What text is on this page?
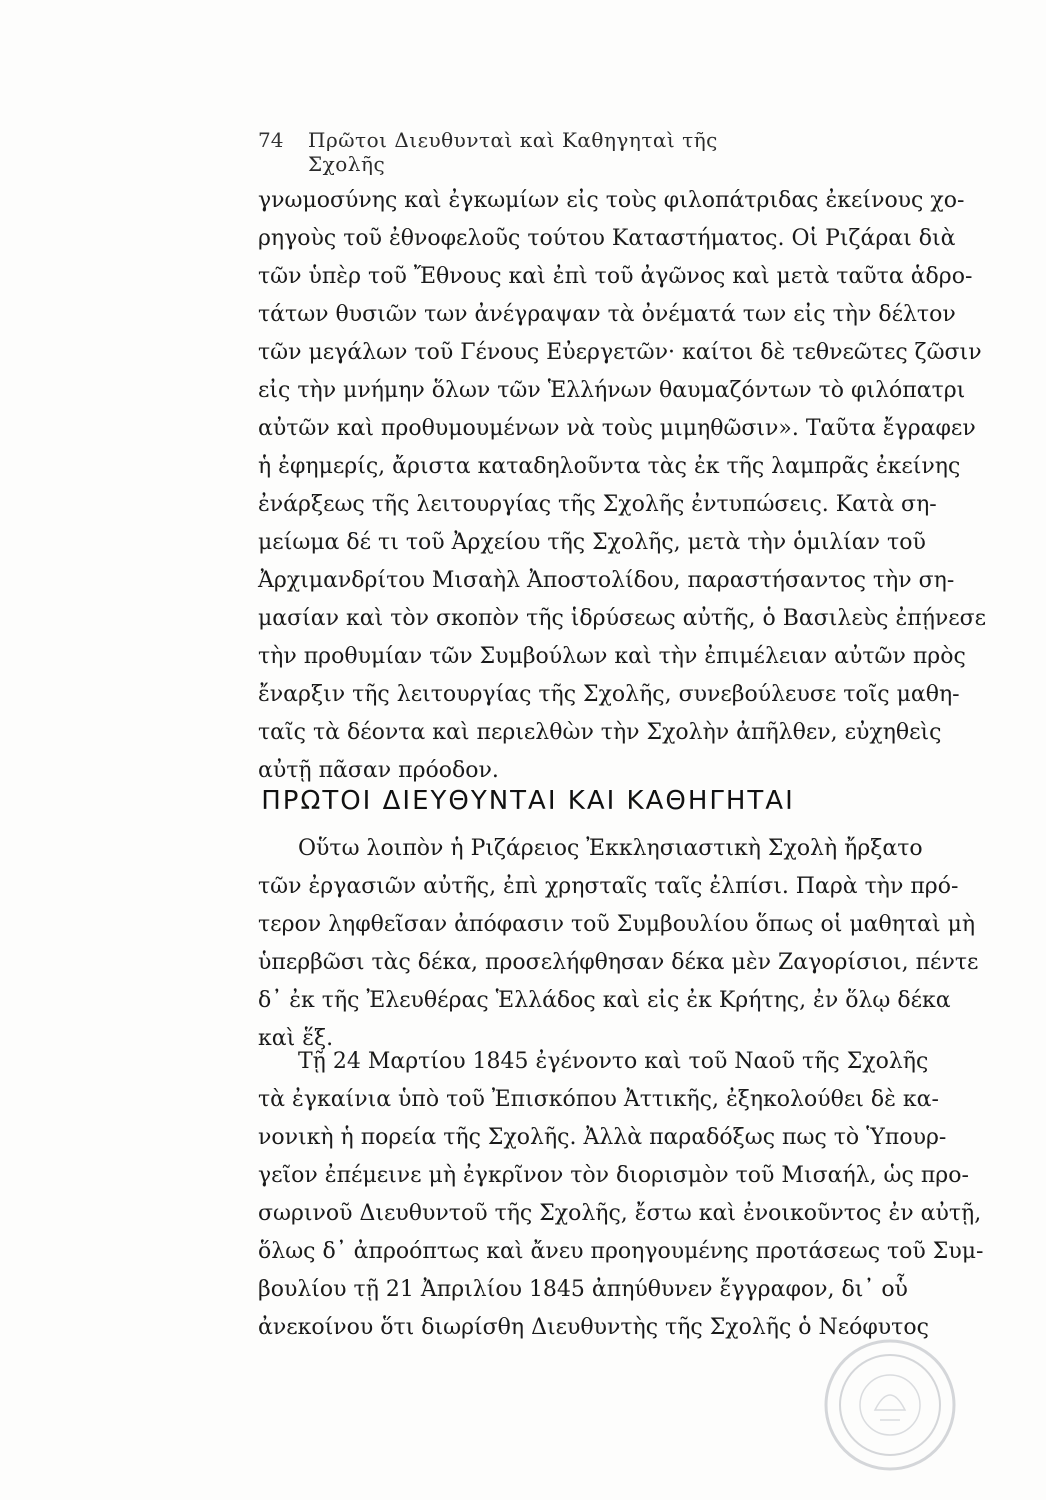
74 Πρῶτοι Διευθυνταὶ καὶ Καθηγηταὶ τῆς Σχολῆς
γνωμοσύνης καὶ ἐγκωμίων εἰς τοὺς φιλοπάτριδας ἐκείνους χο-
ρηγοὺς τοῦ ἐθνοφελοῦς τούτου Καταστήματος. Οἱ Ριζάραι διὰ
τῶν ὑπὲρ τοῦ Ἔθνους καὶ ἐπὶ τοῦ ἀγῶνος καὶ μετὰ ταῦτα ἁδρο-
τάτων θυσιῶν των ἀνέγραψαν τὰ ὀνέματά των εἰς τὴν δέλτον
τῶν μεγάλων τοῦ Γένους Εὐεργετῶν· καίτοι δὲ τεθνεῶτες ζῶσιν
εἰς τὴν μνήμην ὅλων τῶν Ἑλλήνων θαυμαζόντων τὸ φιλόπατρι
αὐτῶν καὶ προθυμουμένων νὰ τοὺς μιμηθῶσιν». Ταῦτα ἔγραφεν
ἡ ἐφημερίς, ἄριστα καταδηλοῦντα τὰς ἐκ τῆς λαμπρᾶς ἐκείνης
ἐνάρξεως τῆς λειτουργίας τῆς Σχολῆς ἐντυπώσεις. Κατὰ ση-
μείωμα δέ τι τοῦ Ἀρχείου τῆς Σχολῆς, μετὰ τὴν ὁμιλίαν τοῦ
Ἀρχιμανδρίτου Μισαὴλ Ἀποστολίδου, παραστήσαντος τὴν ση-
μασίαν καὶ τὸν σκοπὸν τῆς ἱδρύσεως αὐτῆς, ὁ Βασιλεὺς ἐπῄνεσε
τὴν προθυμίαν τῶν Συμβούλων καὶ τὴν ἐπιμέλειαν αὐτῶν πρὸς
ἔναρξιν τῆς λειτουργίας τῆς Σχολῆς, συνεβούλευσε τοῖς μαθη-
ταῖς τὰ δέοντα καὶ περιελθὼν τὴν Σχολὴν ἀπῆλθεν, εὐχηθεὶς
αὐτῇ πᾶσαν πρόοδον.
ΠΡΩΤΟΙ ΔΙΕΥΘΥΝΤΑΙ ΚΑΙ ΚΑΘΗΓΗΤΑΙ
Οὕτω λοιπὸν ἡ Ριζάρειος Ἐκκλησιαστικὴ Σχολὴ ἤρξατο
τῶν ἐργασιῶν αὐτῆς, ἐπὶ χρησταῖς ταῖς ἐλπίσι. Παρὰ τὴν πρό-
τερον ληφθεῖσαν ἀπόφασιν τοῦ Συμβουλίου ὅπως οἱ μαθηταὶ μὴ
ὑπερβῶσι τὰς δέκα, προσελήφθησαν δέκα μὲν Ζαγορίσιοι, πέντε
δ᾽ ἐκ τῆς Ἐλευθέρας Ἑλλάδος καὶ εἰς ἐκ Κρήτης, ἐν ὅλῳ δέκα
καὶ ἕξ.
Τῇ 24 Μαρτίου 1845 ἐγένοντο καὶ τοῦ Ναοῦ τῆς Σχολῆς
τὰ ἐγκαίνια ὑπὸ τοῦ Ἐπισκόπου Ἀττικῆς, ἐξηκολούθει δὲ κα-
νονικὴ ἡ πορεία τῆς Σχολῆς. Ἀλλὰ παραδόξως πως τὸ Ὑπουρ-
γεῖον ἐπέμεινε μὴ ἐγκρῖνον τὸν διορισμὸν τοῦ Μισαήλ, ὡς προ-
σωρινοῦ Διευθυντοῦ τῆς Σχολῆς, ἔστω καὶ ἐνοικοῦντος ἐν αὐτῇ,
ὅλως δ᾽ ἀπροόπτως καὶ ἄνευ προηγουμένης προτάσεως τοῦ Συμ-
βουλίου τῇ 21 Ἀπριλίου 1845 ἀπηύθυνεν ἔγγραφον, δι᾽ οὗ
ἀνεκοίνου ὅτι διωρίσθη Διευθυντὴς τῆς Σχολῆς ὁ Νεόφυτος
